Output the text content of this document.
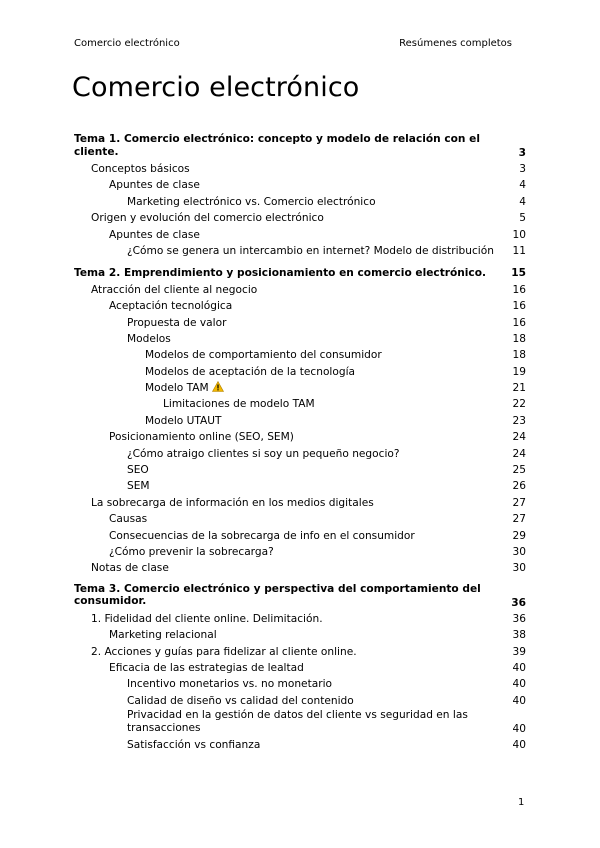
Comercio electrónico	Resúmenes completos
Comercio electrónico
Tema 1. Comercio electrónico: concepto y modelo de relación con el cliente.	3
Conceptos básicos	3
Apuntes de clase	4
Marketing electrónico vs. Comercio electrónico	4
Origen y evolución del comercio electrónico	5
Apuntes de clase	10
¿Cómo se genera un intercambio en internet? Modelo de distribución 11
Tema 2. Emprendimiento y posicionamiento en comercio electrónico. 15
Atracción del cliente al negocio	16
Aceptación tecnológica	16
Propuesta de valor	16
Modelos	18
Modelos de comportamiento del consumidor	18
Modelos de aceptación de la tecnología	19
Modelo TAM	21
Limitaciones de modelo TAM	22
Modelo UTAUT	23
Posicionamiento online (SEO, SEM)	24
¿Cómo atraigo clientes si soy un pequeño negocio?	24
SEO	25
SEM	26
La sobrecarga de información en los medios digitales	27
Causas	27
Consecuencias de la sobrecarga de info en el consumidor	29
¿Cómo prevenir la sobrecarga?	30
Notas de clase	30
Tema 3. Comercio electrónico y perspectiva del comportamiento del consumidor.	36
1. Fidelidad del cliente online. Delimitación.	36
Marketing relacional	38
2. Acciones y guías para fidelizar al cliente online.	39
Eficacia de las estrategias de lealtad	40
Incentivo monetarios vs. no monetario	40
Calidad de diseño vs calidad del contenido	40
Privacidad en la gestión de datos del cliente vs seguridad en las transacciones	40
Satisfacción vs confianza	40
1
